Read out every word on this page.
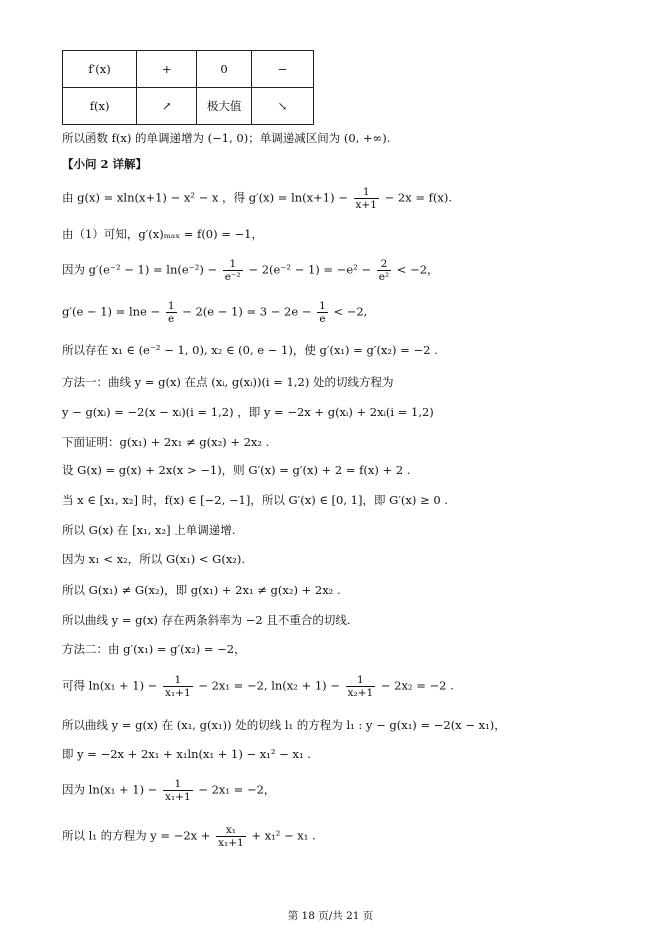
f′(x)	+	0	−
f(x)	↗	极大值	↘
所以函数 f(x) 的单调递增为 (−1, 0)；单调递减区间为 (0, +∞).
【小问 2 详解】
由 g(x) = xln(x+1) − x² − x ，得 $g'(x) = \ln(x+1) - \frac{1}{x+1} - 2x = f(x)$.
由（1）可知，g′(x)ₘₐₓ = f(0) = −1，
因为 $g'(e^{-2} - 1) = \ln(e^{-2}) - \frac{1}{\text{e⁻²}} - 2(e^{-2} - 1) = -e^2 - \frac{2}{\text{e²}} < -2$，
$g'(e - 1) = \ln e - \frac{1}{e} - 2(e - 1) = 3 - 2e - \frac{1}{e} < -2$,
所以存在 x₁ ∈ (e⁻² − 1, 0), x₂ ∈ (0, e − 1)，使 g′(x₁) = g′(x₂) = −2 .
方法一：曲线 y = g(x) 在点 (xᵢ, g(xᵢ))(i = 1,2) 处的切线方程为
y − g(xᵢ) = −2(x − xᵢ)(i = 1,2) ，即 y = −2x + g(xᵢ) + 2xᵢ(i = 1,2)
下面证明：g(x₁) + 2x₁ ≠ g(x₂) + 2x₂ .
设 G(x) = g(x) + 2x(x > −1)，则 G′(x) = g′(x) + 2 = f(x) + 2 .
当 x ∈ [x₁, x₂] 时，f(x) ∈ [−2, −1]，所以 G′(x) ∈ [0, 1]，即 G′(x) ≥ 0 .
所以 G(x) 在 [x₁, x₂] 上单调递增.
因为 x₁ < x₂，所以 G(x₁) < G(x₂).
所以 G(x₁) ≠ G(x₂)，即 g(x₁) + 2x₁ ≠ g(x₂) + 2x₂ .
所以曲线 y = g(x) 存在两条斜率为 −2 且不重合的切线.
方法二：由 g′(x₁) = g′(x₂) = −2，
可得 $\ln(x_1 + 1) - \frac{1}{\text{x₁+1}} - 2x_1 = -2$, $\ln(x_2 + 1) - \frac{1}{\text{x₂+1}} - 2x_2 = -2$ .
所以曲线 y = g(x) 在 (x₁, g(x₁)) 处的切线 l₁ 的方程为 l₁ : y − g(x₁) = −2(x − x₁)，
即 y = −2x + 2x₁ + x₁ln(x₁ + 1) − x₁² − x₁ .
因为 $\ln(x_1 + 1) - \frac{1}{\text{x₁+1}} - 2x_1 = -2$，
所以 l₁ 的方程为 $y = -2x + \frac{\text{x₁}}{\text{x₁+1}} + x_1^2 - x_1$ .
第 18 页/共 21 页
